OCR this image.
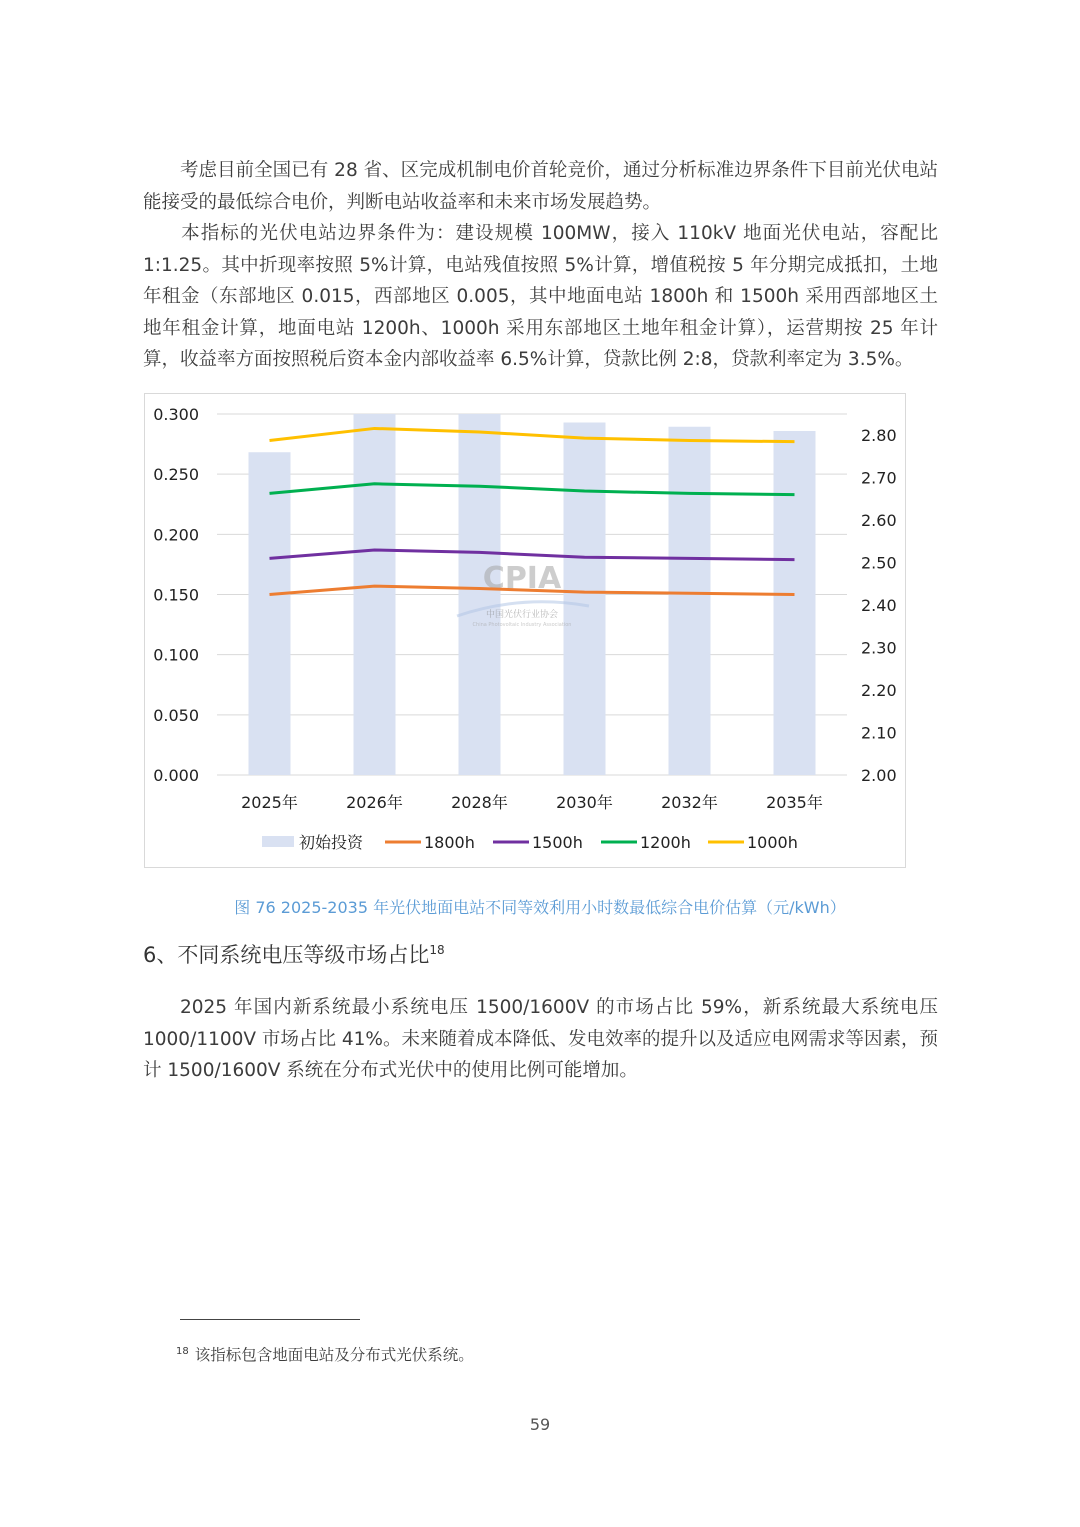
考虑目前全国已有 28 省、区完成机制电价首轮竞价，通过分析标准边界条件下目前光伏电站能接受的最低综合电价，判断电站收益率和未来市场发展趋势。

本指标的光伏电站边界条件为：建设规模 100MW，接入 110kV 地面光伏电站，容配比 1:1.25。其中折现率按照 5%计算，电站残值按照 5%计算，增值税按 5 年分期完成抵扣，土地年租金（东部地区 0.015，西部地区 0.005，其中地面电站 1800h 和 1500h 采用西部地区土地年租金计算，地面电站 1200h、1000h 采用东部地区土地年租金计算），运营期按 25 年计算，收益率方面按照税后资本金内部收益率 6.5%计算，贷款比例 2:8，贷款利率定为 3.5%。

CPIA
中国光伏行业协会
China Photovoltaic Industry Association
0.000
0.050
0.100
0.150
0.200
0.250
0.300
2.00
2.10
2.20
2.30
2.40
2.50
2.60
2.70
2.80
2025年	2026年	2028年	2030年	2032年	2035年
初始投资	1800h	1500h	1200h	1000h
图 76 2025-2035 年光伏地面电站不同等效利用小时数最低综合电价估算（元/kWh）
6、不同系统电压等级市场占比$^{18}$

2025 年国内新系统最小系统电压 1500/1600V 的市场占比 59%，新系统最大系统电压 1000/1100V 市场占比 41%。未来随着成本降低、发电效率的提升以及适应电网需求等因素，预计 1500/1600V 系统在分布式光伏中的使用比例可能增加。

$^{18}$ 该指标包含地面电站及分布式光伏系统。
59
